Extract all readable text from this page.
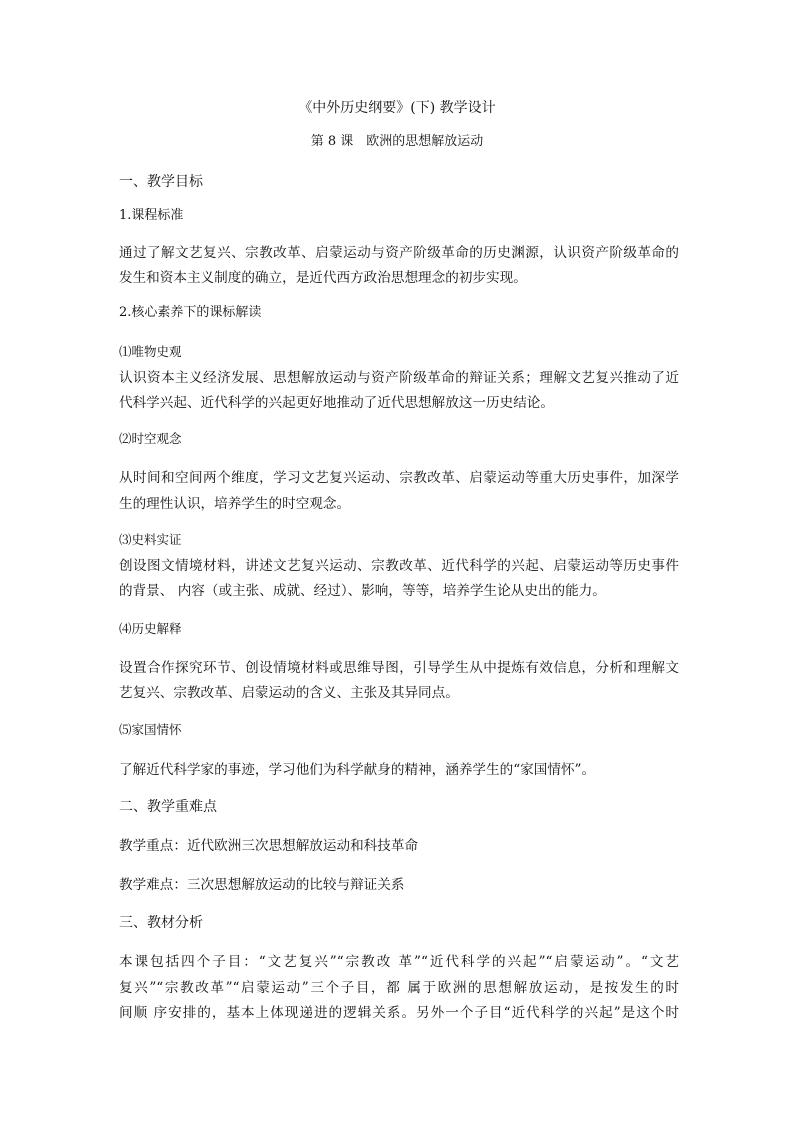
《中外历史纲要》(下) 教学设计
第 8 课　欧洲的思想解放运动
一、教学目标
1.课程标准
通过了解文艺复兴、宗教改革、启蒙运动与资产阶级革命的历史渊源，认识资产阶级革命的
发生和资本主义制度的确立，是近代西方政治思想理念的初步实现。
2.核心素养下的课标解读
⑴唯物史观
认识资本主义经济发展、思想解放运动与资产阶级革命的辩证关系；理解文艺复兴推动了近
代科学兴起、近代科学的兴起更好地推动了近代思想解放这一历史结论。
⑵时空观念
从时间和空间两个维度，学习文艺复兴运动、宗教改革、启蒙运动等重大历史事件，加深学
生的理性认识，培养学生的时空观念。
⑶史料实证
创设图文情境材料，讲述文艺复兴运动、宗教改革、近代科学的兴起、启蒙运动等历史事件
的背景、 内容（或主张、成就、经过）、影响，等等，培养学生论从史出的能力。
⑷历史解释
设置合作探究环节、创设情境材料或思维导图，引导学生从中提炼有效信息，分析和理解文
艺复兴、宗教改革、启蒙运动的含义、主张及其异同点。
⑸家国情怀
了解近代科学家的事迹，学习他们为科学献身的精神，涵养学生的“家国情怀”。
二、教学重难点
教学重点：近代欧洲三次思想解放运动和科技革命
教学难点：三次思想解放运动的比较与辩证关系
三、教材分析
本课包括四个子目：“文艺复兴”“宗教改 革”“近代科学的兴起”“启蒙运动”。“文艺
复兴”“宗教改革”“启蒙运动”三个子目，都 属于欧洲的思想解放运动，是按发生的时
间顺 序安排的，基本上体现递进的逻辑关系。另外一个子目“近代科学的兴起”是这个时
